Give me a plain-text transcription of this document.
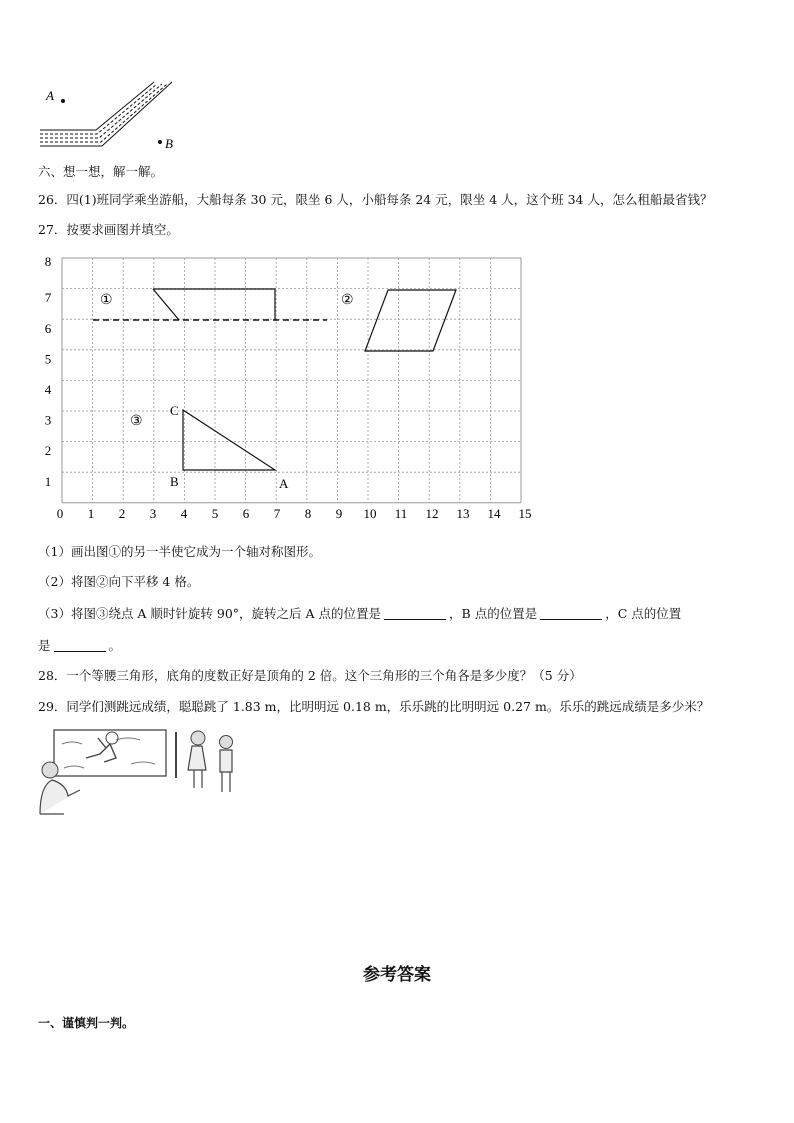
A
B
六、想一想，解一解。
26．四(1)班同学乘坐游船，大船每条 30 元，限坐 6 人，小船每条 24 元，限坐 4 人，这个班 34 人，怎么租船最省钱？
27．按要求画图并填空。
0 1 2 3 4 5 6 7 8 9 10 11 12 13 14 15
1
2
3
4
5
6
7
8
①	②
③
C
B	A
（1）画出图①的另一半使它成为一个轴对称图形。
（2）将图②向下平移 4 格。
（3）将图③绕点 A 顺时针旋转 90°，旋转之后 A 点的位置是	，B 点的位置是	，C 点的位置
是	。
28．一个等腰三角形，底角的度数正好是顶角的 2 倍。这个三角形的三个角各是多少度？（5 分）
29．同学们测跳远成绩，聪聪跳了 1.83 m，比明明远 0.18 m，乐乐跳的比明明远 0.27 m。乐乐的跳远成绩是多少米？
参考答案
一、谨慎判一判。
